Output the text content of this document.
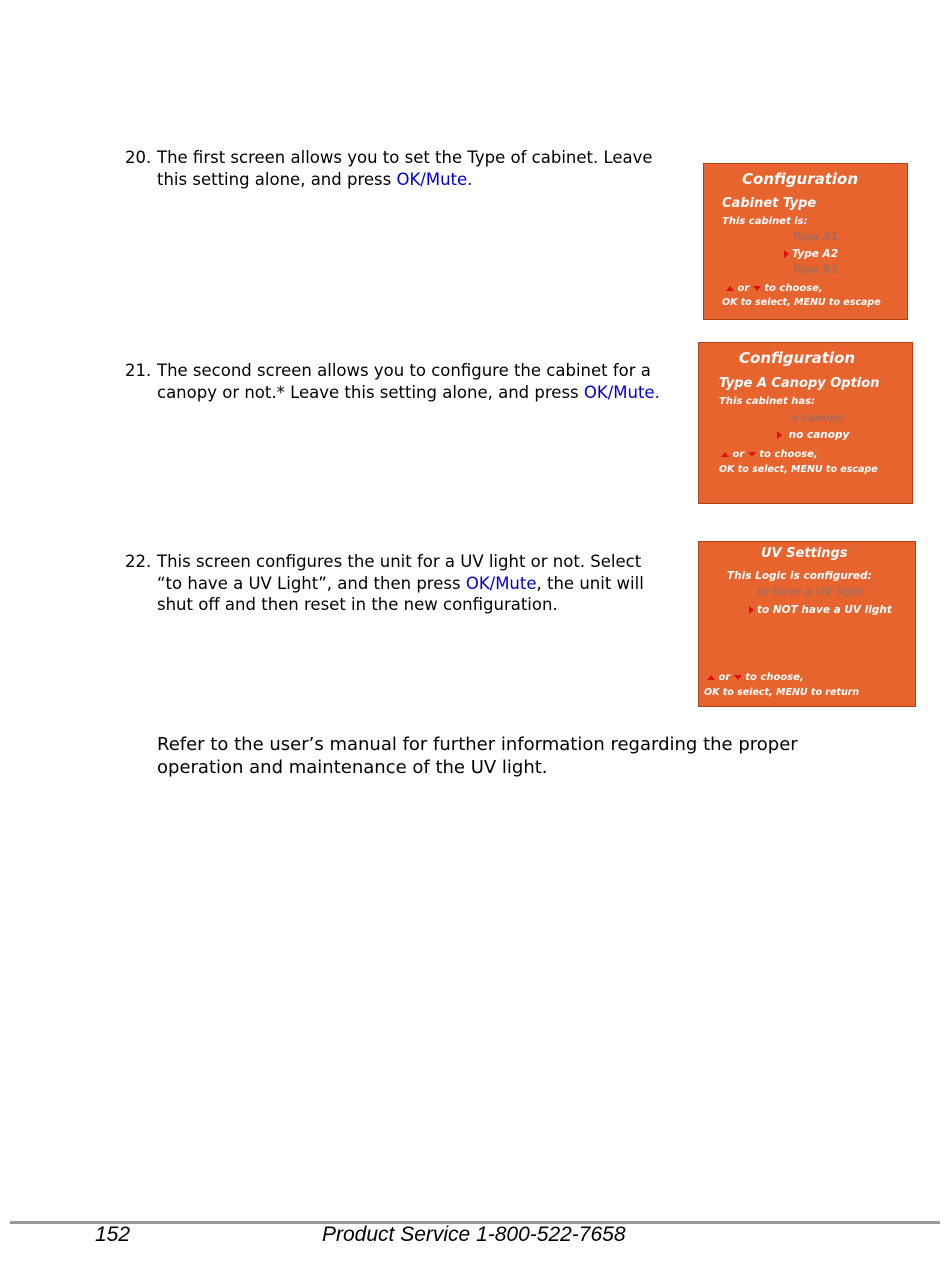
20. The first screen allows you to set the Type of cabinet. Leave this setting alone, and press OK/Mute.
21. The second screen allows you to configure the cabinet for a canopy or not.* Leave this setting alone, and press OK/Mute.
22. This screen configures the unit for a UV light or not. Select “to have a UV Light”, and then press OK/Mute, the unit will shut off and then reset in the new configuration.
Configuration
Cabinet Type
This cabinet is:
Type A1
Type A2
Type B2
or to choose,
OK to select, MENU to escape
Configuration
Type A Canopy Option
This cabinet has:
a canopy
no canopy
or to choose,
OK to select, MENU to escape
UV Settings
This Logic is configured:
to have a UV light
to NOT have a UV light
or to choose,
OK to select, MENU to return
Refer to the user’s manual for further information regarding the proper operation and maintenance of the UV light.
152	Product Service 1-800-522-7658
